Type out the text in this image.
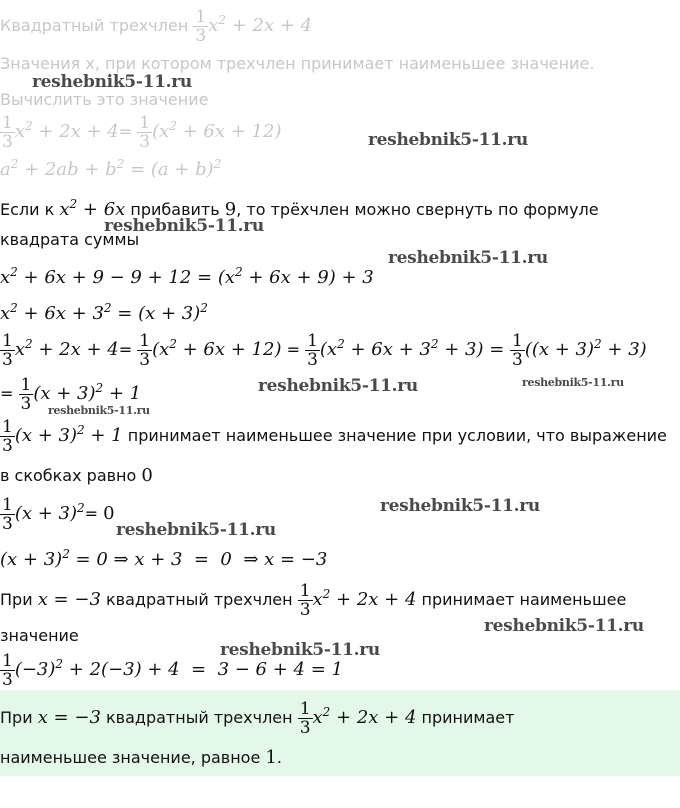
Квадратный трехчлен $\frac{1}{3} x^2 + 2x + 4$
Значения x, при котором трехчлен принимает наименьшее значение.
Вычислить это значение
$\frac{1}{3} x^2 + 2x + 4= \frac{1}{3} (x^2 + 6x + 12)$
$a^2 + 2ab + b^2 = (a + b)^2$
Если к $x^2 + 6x$ прибавить 9, то трёхчлен можно свернуть по формуле
квадрата суммы
$x^2 + 6x + 9 - 9 + 12 = (x^2 + 6x + 9) + 3$
$x^2 + 6x + 3^2 = (x + 3)^2$
$\frac{1}{3} x^2 + 2x + 4= \frac{1}{3} (x^2 + 6x + 12) = \frac{1}{3} (x^2 + 6x + 3^2 + 3) = \frac{1}{3} ((x + 3)^2 + 3)$
= $\frac{1}{3} (x + 3)^2 + 1$
$\frac{1}{3} (x + 3)^2 + 1$ принимает наименьшее значение при условии, что выражение
в скобках равно 0
$\frac{1}{3} (x + 3)^2= 0$
$(x + 3)^2 = 0$ ⇒ x + 3  =  0  ⇒ x = −3
При x = −3 квадратный трехчлен $\frac{1}{3} x^2 + 2x + 4$ принимает наименьшее
значение
$\frac{1}{3} (-3)^2 + 2(-3) + 4 = 3 - 6 + 4 = 1$
При x = −3 квадратный трехчлен $\frac{1}{3} x^2 + 2x + 4$ принимает
наименьшее значение, равное 1.
reshebnik5-11.ru
reshebnik5-11.ru
reshebnik5-11.ru
reshebnik5-11.ru
reshebnik5-11.ru	reshebnik5-11.ru
reshebnik5-11.ru
reshebnik5-11.ru
reshebnik5-11.ru
reshebnik5-11.ru
reshebnik5-11.ru
